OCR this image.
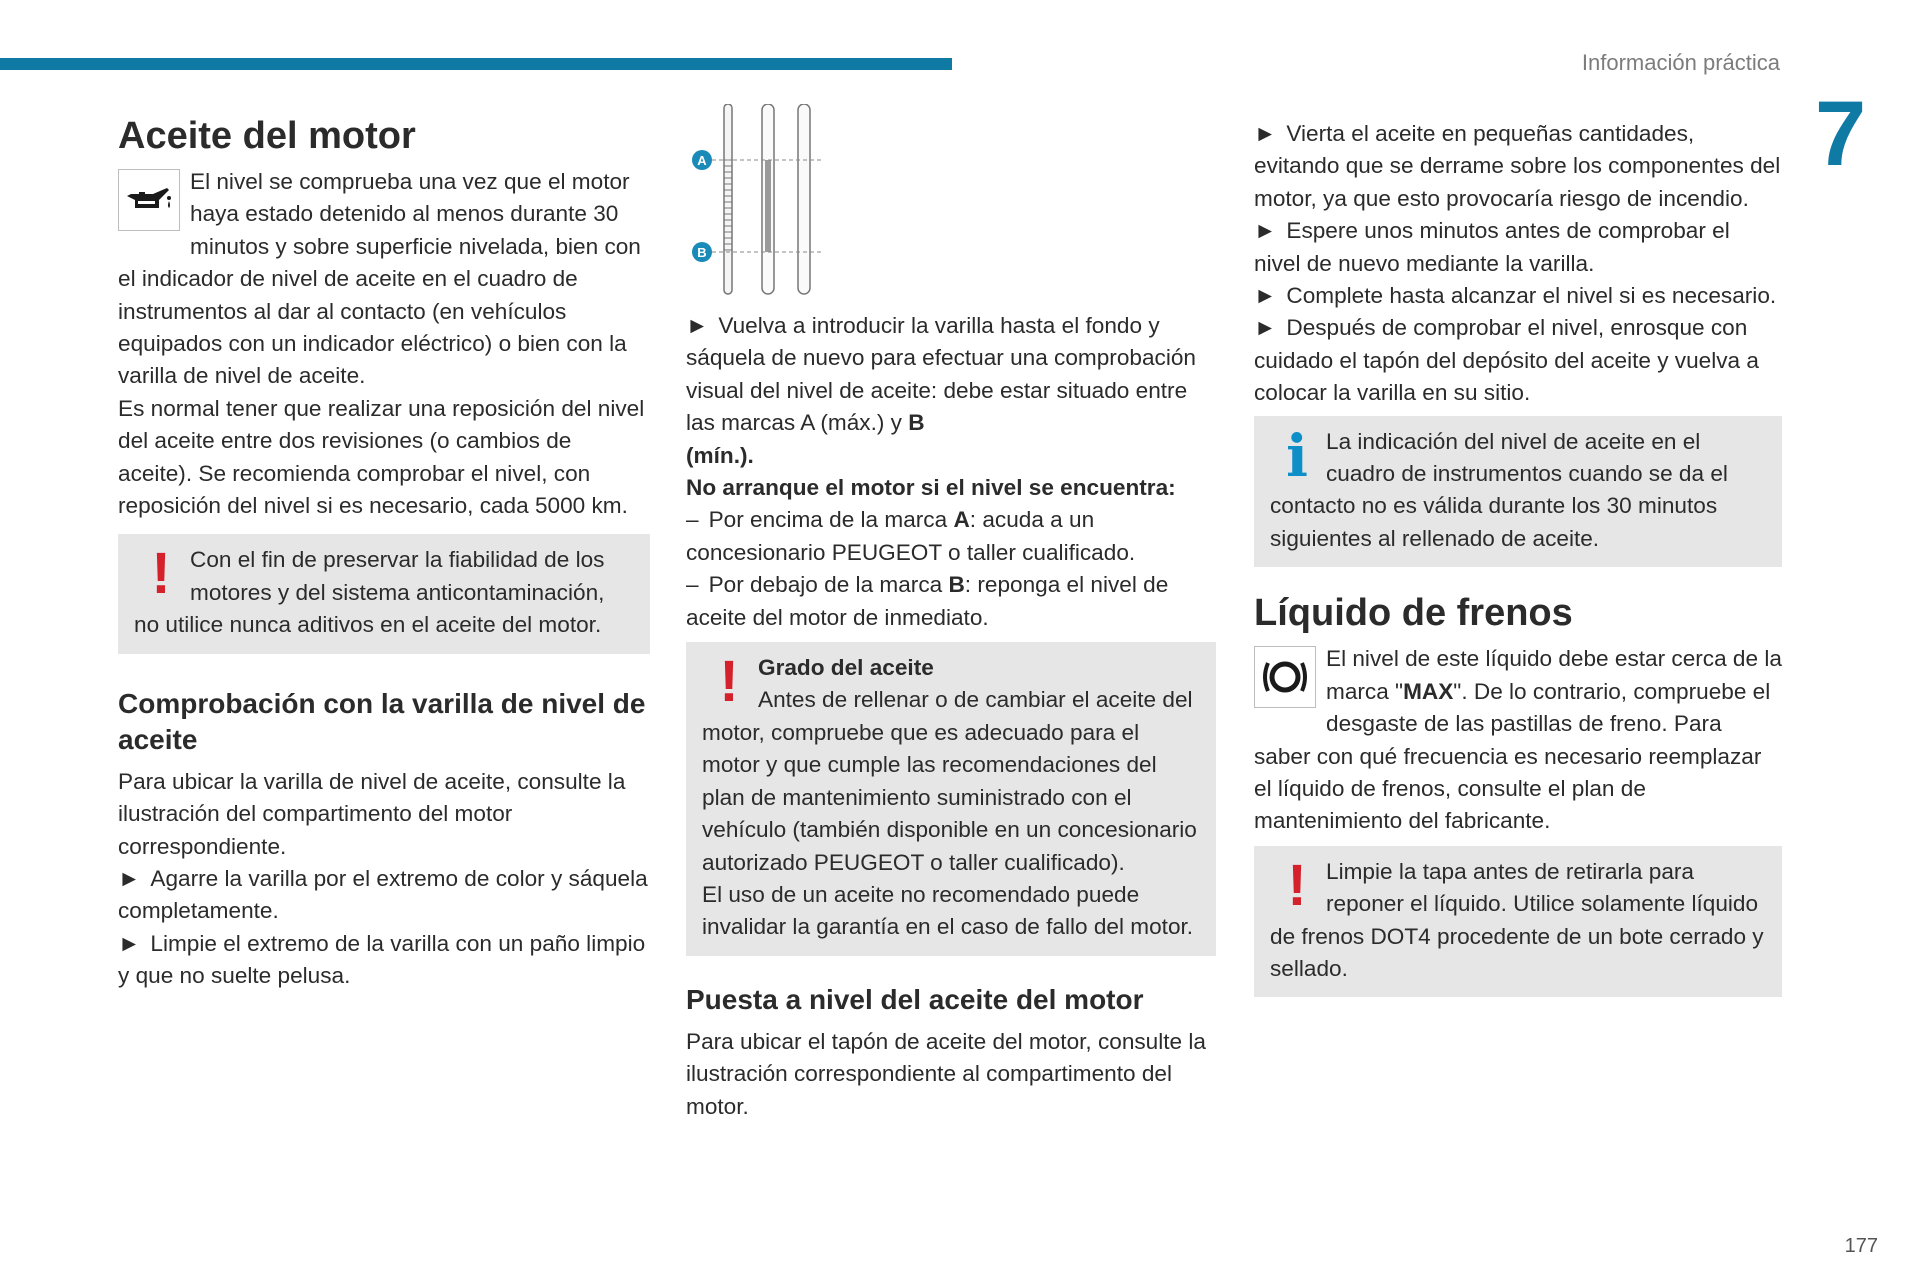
Información práctica
7
Aceite del motor

El nivel se comprueba una vez que el motor haya estado detenido al menos durante 30 minutos y sobre superficie nivelada, bien con el indicador de nivel de aceite en el cuadro de instrumentos al dar al contacto (en vehículos equipados con un indicador eléctrico) o bien con la varilla de nivel de aceite.

Es normal tener que realizar una reposición del nivel del aceite entre dos revisiones (o cambios de aceite). Se recomienda comprobar el nivel, con reposición del nivel si es necesario, cada 5000 km.

! Con el fin de preservar la fiabilidad de los motores y del sistema anticontaminación, no utilice nunca aditivos en el aceite del motor.

Comprobación con la varilla de nivel de aceite

Para ubicar la varilla de nivel de aceite, consulte la ilustración del compartimento del motor correspondiente.

► Agarre la varilla por el extremo de color y sáquela completamente.

► Limpie el extremo de la varilla con un paño limpio y que no suelte pelusa.

A
B

► Vuelva a introducir la varilla hasta el fondo y sáquela de nuevo para efectuar una comprobación visual del nivel de aceite: debe estar situado entre las marcas A (máx.) y B
(mín.).

No arranque el motor si el nivel se encuentra:

– Por encima de la marca A: acuda a un concesionario PEUGEOT o taller cualificado.

– Por debajo de la marca B: reponga el nivel de aceite del motor de inmediato.

! Grado del aceite

Antes de rellenar o de cambiar el aceite del motor, compruebe que es adecuado para el motor y que cumple las recomendaciones del plan de mantenimiento suministrado con el vehículo (también disponible en un concesionario autorizado PEUGEOT o taller cualificado).

El uso de un aceite no recomendado puede invalidar la garantía en el caso de fallo del motor.

Puesta a nivel del aceite del motor

Para ubicar el tapón de aceite del motor, consulte la ilustración correspondiente al compartimento del motor.

► Vierta el aceite en pequeñas cantidades, evitando que se derrame sobre los componentes del motor, ya que esto provocaría riesgo de incendio.

► Espere unos minutos antes de comprobar el nivel de nuevo mediante la varilla.

► Complete hasta alcanzar el nivel si es necesario.

► Después de comprobar el nivel, enrosque con cuidado el tapón del depósito del aceite y vuelva a colocar la varilla en su sitio.

i La indicación del nivel de aceite en el cuadro de instrumentos cuando se da el contacto no es válida durante los 30 minutos siguientes al rellenado de aceite.

Líquido de frenos

El nivel de este líquido debe estar cerca de la marca "MAX". De lo contrario, compruebe el desgaste de las pastillas de freno. Para saber con qué frecuencia es necesario reemplazar el líquido de frenos, consulte el plan de mantenimiento del fabricante.

! Limpie la tapa antes de retirarla para reponer el líquido. Utilice solamente líquido de frenos DOT4 procedente de un bote cerrado y sellado.

177
